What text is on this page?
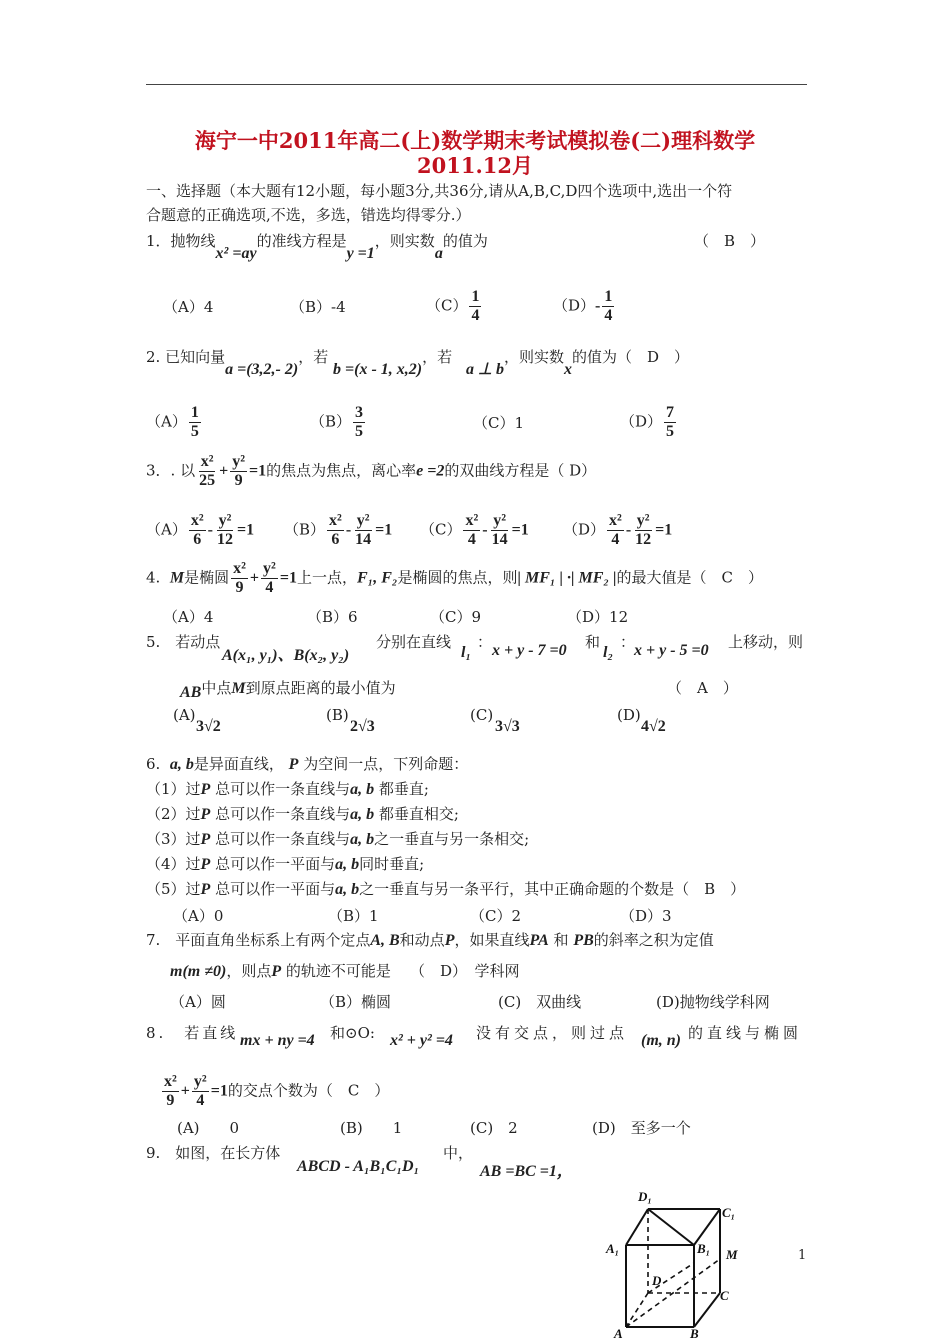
海宁一中2011年高二(上)数学期末考试模拟卷(二)理科数学
2011.12月
一、选择题（本大题有12小题，每小题3分,共36分,请从A,B,C,D四个选项中,选出一个符
合题意的正确选项,不选，多选，错选均得零分.）
1．抛物线x² =ay的准线方程是y =1，则实数a的值为	（　B　）
（A）4	（B）-4	$(C) \frac{1}{4}$	$(D)- \frac{1}{4}$
2. 已知向量a =(3,2,- 2)，若 b =(x - 1, x,2)，若
a ⊥ b，则实数x的值为（　D　）
$(A) \frac{1}{5}$	$(B) \frac{3}{5}$	（C）1	$(D) \frac{7}{5}$
3．. 以 $\frac{\text{x²}}{25} + \frac{\text{y²}}{9} =1$的焦点为焦点，离心率e =2的双曲线方程是（ D）
$(A) \frac{\text{x²}}{6} - \frac{\text{y²}}{12} =1$ $(B) \frac{\text{x²}}{6} - \frac{\text{y²}}{14} =1$ $(C) \frac{\text{x²}}{4} - \frac{\text{y²}}{14} =1$ $(D) \frac{\text{x²}}{4} - \frac{\text{y²}}{12} =1$
4. M是椭圆 $\frac{\text{x²}}{9} + \frac{\text{y²}}{4} =1$上一点，F₁, F₂是椭圆的焦点，则| MF₁ | ·| MF₂ |的最大值是（　C　）
（A）4	（B）6	（C）9	（D）12
5.　若动点
A(x₁, y₁)、B(x₂, y₂)
分别在直线
l₁
： x + y - 7 =0 和
l₂
：
x + y - 5 =0 上移动，则
AB中点M到原点距离的最小值为	（　A　）
(A)
3√2
(B)
2√3
(C)
3√3
(D)
4√2
6. a, b是异面直线， P 为空间一点，下列命题：
（1）过P 总可以作一条直线与a, b 都垂直;
（2）过P 总可以作一条直线与a, b 都垂直相交;
（3）过P 总可以作一条直线与a, b之一垂直与另一条相交;
（4）过P 总可以作一平面与a, b同时垂直;
（5）过P 总可以作一平面与a, b之一垂直与另一条平行，其中正确命题的个数是（　B　）
（A）0	（B）1	（C）2	（D）3
7.　平面直角坐标系上有两个定点A, B和动点P，如果直线PA 和 PB的斜率之积为定值
m(m ≠0)，则点P 的轨迹不可能是 （　D）　学科网
（A）圆	（B）椭圆	(C)　双曲线	(D)抛物线学科网
8.　若直线 mx + ny =4 和⊙O: x² + y² =4 没有交点，则过点 (m, n) 的直线与椭圆
$\frac{\text{x²}}{9} + \frac{\text{y²}}{4} =1$的交点个数为（　C　）
(A)　　0	(B)　　1	(C)　2	(D)　至多一个
9.　如图，在长方体
ABCD - A₁B₁C₁D₁
中，
AB =BC =1，
D₁
C₁
A₁	B₁ M
D
C
A	B
1
